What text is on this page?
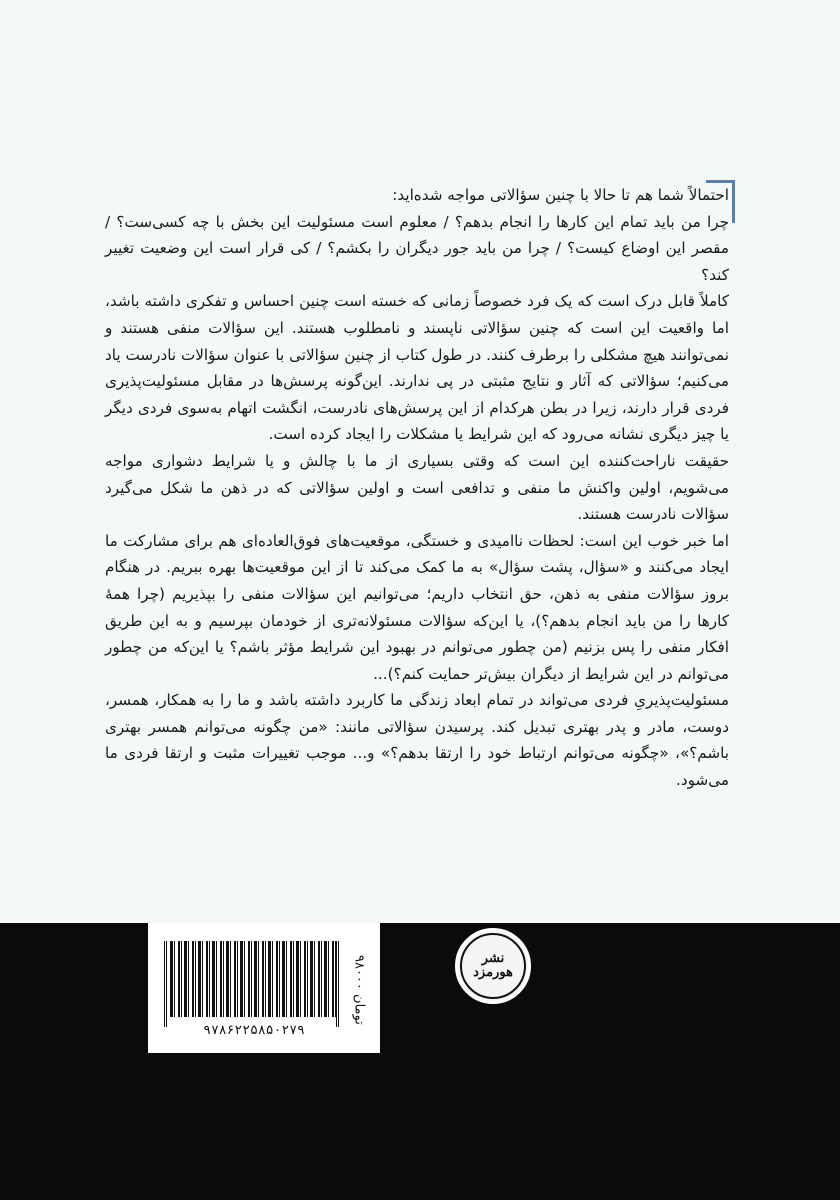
احتمالاً شما هم تا حالا با چنین سؤالاتی مواجه شده‌اید:

چرا من باید تمام این کارها را انجام بدهم؟ / معلوم است مسئولیت این بخش با چه کسی‌ست؟ / مقصر این اوضاع کیست؟ / چرا من باید جور دیگران را بکشم؟ / کی قرار است این وضعیت تغییر کند؟

کاملاً قابل درک است که یک فرد خصوصاً زمانی که خسته است چنین احساس و تفکری داشته باشد، اما واقعیت این است که چنین سؤالاتی ناپسند و نامطلوب هستند. این سؤالات منفی هستند و نمی‌توانند هیچ مشکلی را برطرف کنند. در طول کتاب از چنین سؤالاتی با عنوان سؤالات نادرست یاد می‌کنیم؛ سؤالاتی که آثار و نتایج مثبتی در پی ندارند. این‌گونه پرسش‌ها در مقابل مسئولیت‌پذیری فردی قرار دارند، زیرا در بطن هرکدام از این پرسش‌های نادرست، انگشت اتهام به‌سوی فردی دیگر یا چیز دیگری نشانه می‌رود که این شرایط یا مشکلات را ایجاد کرده است.

حقیقت ناراحت‌کننده این است که وقتی بسیاری از ما با چالش و یا شرایط دشواری مواجه می‌شویم، اولین واکنش ما منفی و تدافعی است و اولین سؤالاتی که در ذهن ما شکل می‌گیرد سؤالات نادرست هستند.

اما خبر خوب این است: لحظات ناامیدی و خستگی، موقعیت‌های فوق‌العاده‌ای هم برای مشارکت ما ایجاد می‌کنند و «سؤال، پشت سؤال» به ما کمک می‌کند تا از این موقعیت‌ها بهره ببریم. در هنگام بروز سؤالات منفی به ذهن، حق انتخاب داریم؛ می‌توانیم این سؤالات منفی را بپذیریم (چرا همهٔ کارها را من باید انجام بدهم؟)، یا این‌که سؤالات مسئولانه‌تری از خودمان بپرسیم و به این طریق افکار منفی را پس بزنیم (من چطور می‌توانم در بهبود این شرایط مؤثر باشم؟ یا این‌که من چطور می‌توانم در این شرایط از دیگران بیش‌تر حمایت کنم؟)...

مسئولیت‌پذیریِ فردی می‌تواند در تمام ابعاد زندگی ما کاربرد داشته باشد و ما را به همکار، همسر، دوست، مادر و پدر بهتری تبدیل کند. پرسیدن سؤالاتی مانند: «من چگونه می‌توانم همسر بهتری باشم؟»، «چگونه می‌توانم ارتباط خود را ارتقا بدهم؟» و... موجب تغییرات مثبت و ارتقا فردی ما می‌شود.

۹۷۸۶۲۲۵۸۵۰۲۷۹
۹۸۰۰۰ تومان
نشر هورمزد
